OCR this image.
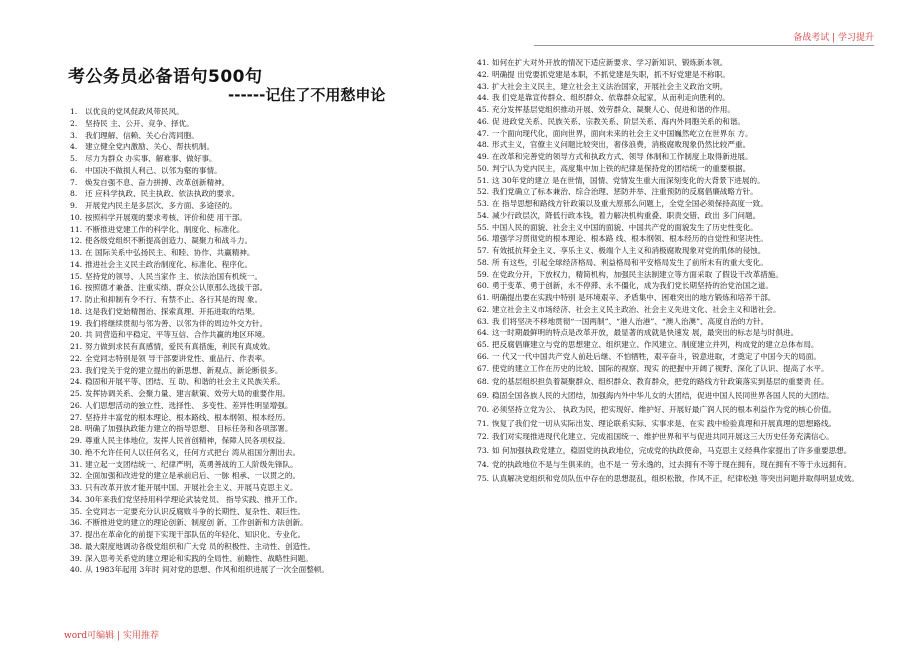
备战考试 | 学习提升
考公务员必备语句500句
------记住了不用愁申论
1.	以优良的党风促政风带民风。
2.	坚持民 主、公开、竞争、择优。
3.	我们理解、信赖、关心台湾同胞。
4.	建立健全党内激励、关心、帮扶机制。
5.	尽力为群众 办实事、解难事、做好事。
6.	中国决不做损人利己、以邻为壑的事情。
7.	焕发自强不息、奋力拼搏、改革创新精神。
8.	还 应科学执政、民主执政、依法执政的要求。
9.	开展党内民主是多层次、多方面、多途径的。
10. 按照科学开展观的要求考核、评价和使 用干部。
11. 不断推进党建工作的科学化、制度化、标准化。
12. 使各级党组织不断提高创造力、凝聚力和战斗力。
13. 在 国际关系中弘扬民主、和睦、协作、共赢精神。
14. 推进社会主义民主政治制度化、标准化、程序化。
15. 坚持党的领导、人民当家作 主、依法治国有机统一。
16. 按照德才兼备、注重实绩、群众公认原那么选拔干部。
17. 防止和抑制有令不行、有禁不止、各行其是的现 象。
18. 这是我们党始精图治、探索真理、开拓进取的结果。
19. 我们将继续贯彻与邻为善、以邻为伴的周边外交方针。
20. 共 同营造和平稳定、平等互信、合作共赢的地区环境。
21. 努力做到求民有真感情，爱民有真措施，利民有真成效。
22. 全党同志特别是领 导干部要讲党性、重品行、作表率。
23. 我们党关于党的建立提出的新思想、新观点、新论断很多。
24. 稳固和开展平等、团结、互 助、和谐的社会主义民族关系。
25. 发挥协调关系、会聚力量、建言献策、效劳大局的重要作用。
26. 人们思想活动的独立性、选择性、 多变性、差异性明显增强。
27. 坚持并丰富党的根本理论、根本路线、根本纲领、根本经历。
28. 明确了加强执政能力建立的指导思想、 目标任务和各项部署。
29. 尊重人民主体地位，发挥人民首创精神，保障人民各项权益。
30. 绝不允许任何人以任何名义，任何方式把台 湾从祖国分割出去。
31. 建立起一支团结统一、纪律严明，英勇善战的工人阶级先锋队。
32. 全面加强和改进党的建立是承前启后、一脉 相承、一以贯之的。
33. 只有改革开放才能开展中国、开展社会主义、开展马克思主义。
34. 30年来我们党坚持用科学理论武装党员、 指导实践、推开工作。
35. 全党同志一定要充分认识反腐败斗争的长期性、复杂性、艰巨性。
36. 不断推进党的建立的理论创新、制度创 新、工作创新和方法创新。
37. 提出在革命化的前提下实现干部队伍的年轻化、知识化、专业化。
38. 最大限度地调动各级党组织和广大党 员的积极性、主动性、创造性。
39. 深入思考关系党的建立理论和实践的全局性、前瞻性、战略性问题。
40. 从 1983年起用 3年时 间对党的思想、作风和组织进展了一次全面整顿。
41. 如何在扩大对外开放的情况下适应新要求、学习新知识、锻炼新本领。
42. 明确提 出党要抓党建是本职，不抓党建是失职，抓不好党建是不称职。
43. 扩大社会主义民主，建立社会主义法治国家，开展社会主义政治文明。
44. 我 们党是靠宣传群众、组织群众、依靠群众起家，从而利走向胜利的。
45. 充分发挥基层党组织推动开展、效劳群众、凝聚人心、促进和谐的作用。
46. 促 进政党关系、民族关系、宗教关系、阶层关系、海内外同胞关系的和谐。
47. 一个面向现代化，面向世界，面向未来的社会主义中国巍然屹立在世界东 方。
48. 形式主义，官僚主义问题比较突出，奢侈浪费，消极腐败现象仍然比较严重。
49. 在改革和完善党的领导方式和执政方式、领导 体制和工作制度上取得新进展。
50. 判宁认为党内民主，高度集中加上铁的纪律是保持党的团结统一的重要根据。
51. 这 30年党的建立 是在世情，国情、党情发生重大而深刻变化的大背景下进展的。
52. 我们党确立了标本兼治、综合治理、惩防并举、注重预防的反腐倡廉战略方针。
53. 在 指导思想和路线方针政策以及重大原那么问题上，全党全国必须保持高度一致。
54. 减少行政层次，降低行政本钱，着力解决机构重叠、职责交错、政出 多门问题。
55. 中国人民的面貌、社会主义中国的面貌、中国共产党的面貌发生了历史性变化。
56. 增强学习贯彻党的根本理论、根本路 线、根本纲领、根本经历的自觉性和坚决性。
57. 有效抵抗拜金主义、享乐主义、极端个人主义和消极腐败现象对党的肌体的侵蚀。
58. 所 有这些，引起全球经济格局、利益格局和平安格局发生了前所未有的重大变化。
59. 在党政分开，下放权力，精简机构，加强民主法制建立等方面采取 了假设干改革措施。
60. 勇于变革、勇于创新，永不停滞、永不僵化，成为我们党长期坚持的治党治国之道。
61. 明确提出要在实践中特别 是环境艰辛、矛盾集中、困难突出的地方锻炼和培养干部。
62. 建立社会主义市场经济、社会主义民主政治、社会主义先进文化、社会主义和谐社会。
63. 我 们将坚决不移地贯彻“一国两制”、“港人治港”、“澳人治澳”、高度自治的方针。
64. 这一时期最鲜明的特点是改革开放，最显著的成就是快速发 展，最突出的标志是与时俱进。
65. 把反腐倡廉建立与党的思想建立、组织建立、作风建立、制度建立并列，构成党的建立总体布局。
66. 一 代又一代中国共产党人前赴后继、不怕牺牲，艰辛奋斗，锐意进取，才奠定了中国今天的局面。
67. 使党的建立工作在历史的比较、国际的视察、现实 的把握中开阔了视野、深化了认识、提高了水平。
68. 党的基层组织担负着凝聚群众、组织群众、教育群众，把党的路线方针政策落实到基层的重要责 任。
69. 稳固全国各族人民的大团结，加强海内外中华儿女的大团结，促进中国人民同世界各国人民的大团结。
70. 必须坚持立党为公、 执政为民，把实现好、维护好、开展好最广润人民的根本利益作为党的核心价值。
71. 恢复了我们党一切从实际出发、理论联系实际、实事求是、在实 践中检验真理和开展真理的思想路线。
72. 我们对实现推进现代化建立、完成祖国统一、维护世界和平与促进共同开展这三大历史任务充满信心。
73. 如 何加强执政党建立，稳固党的执政地位，完成党的执政使命，马克思主义经典作家提出了许多重要思想。
74. 党的执政地位不是与生俱来的，也不是一 劳永逸的，过去拥有不等于现在拥有，现在拥有不等于永远拥有。
75. 认真解决党组织和党员队伍中存在的思想混乱，组织松散，作风不正，纪律松弛 等突出问题并取得明显成效。
word可编辑 | 实用推荐
